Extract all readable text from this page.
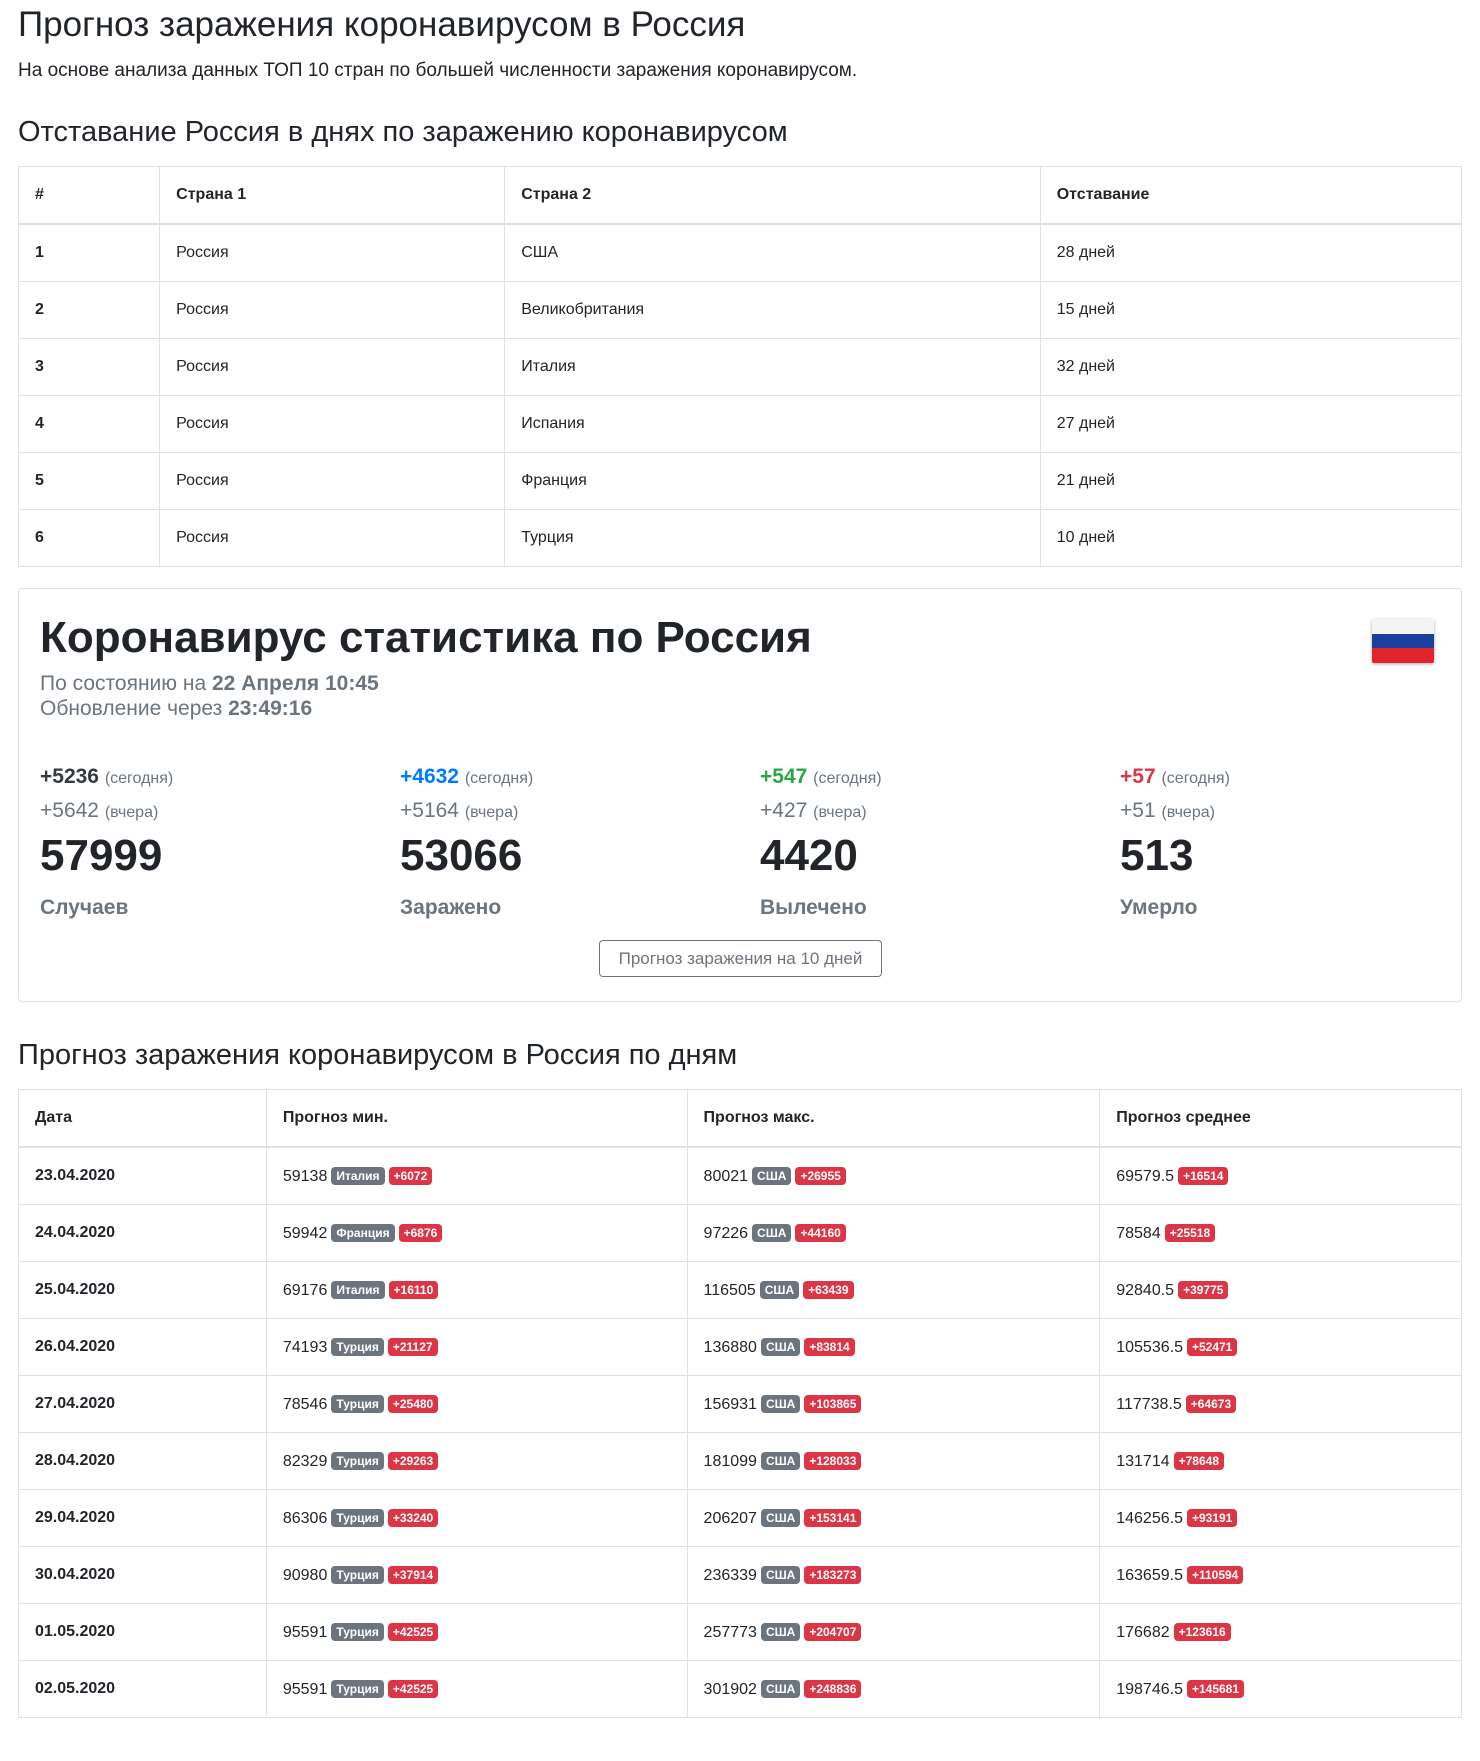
Прогноз заражения коронавирусом в Россия
На основе анализа данных ТОП 10 стран по большей численности заражения коронавирусом.
Отставание Россия в днях по заражению коронавирусом
#	Страна 1	Страна 2	Отставание
1	Россия	США	28 дней
2	Россия	Великобритания	15 дней
3	Россия	Италия	32 дней
4	Россия	Испания	27 дней
5	Россия	Франция	21 дней
6	Россия	Турция	10 дней
Коронавирус статистика по Россия
По состоянию на 22 Апреля 10:45
Обновление через 23:49:16
+5236 (сегодня)
+5642 (вчера)
57999
Случаев
+4632 (сегодня)
+5164 (вчера)
53066
Заражено
+547 (сегодня)
+427 (вчера)
4420
Вылечено
+57 (сегодня)
+51 (вчера)
513
Умерло
Прогноз заражения на 10 дней
Прогноз заражения коронавирусом в Россия по дням
Дата	Прогноз мин.	Прогноз макс.	Прогноз среднее
23.04.2020	59138 Италия +6072	80021 США +26955	69579.5 +16514
24.04.2020	59942 Франция +6876	97226 США +44160	78584 +25518
25.04.2020	69176 Италия +16110	116505 США +63439	92840.5 +39775
26.04.2020	74193 Турция +21127	136880 США +83814	105536.5 +52471
27.04.2020	78546 Турция +25480	156931 США +103865	117738.5 +64673
28.04.2020	82329 Турция +29263	181099 США +128033	131714 +78648
29.04.2020	86306 Турция +33240	206207 США +153141	146256.5 +93191
30.04.2020	90980 Турция +37914	236339 США +183273	163659.5 +110594
01.05.2020	95591 Турция +42525	257773 США +204707	176682 +123616
02.05.2020	95591 Турция +42525	301902 США +248836	198746.5 +145681
